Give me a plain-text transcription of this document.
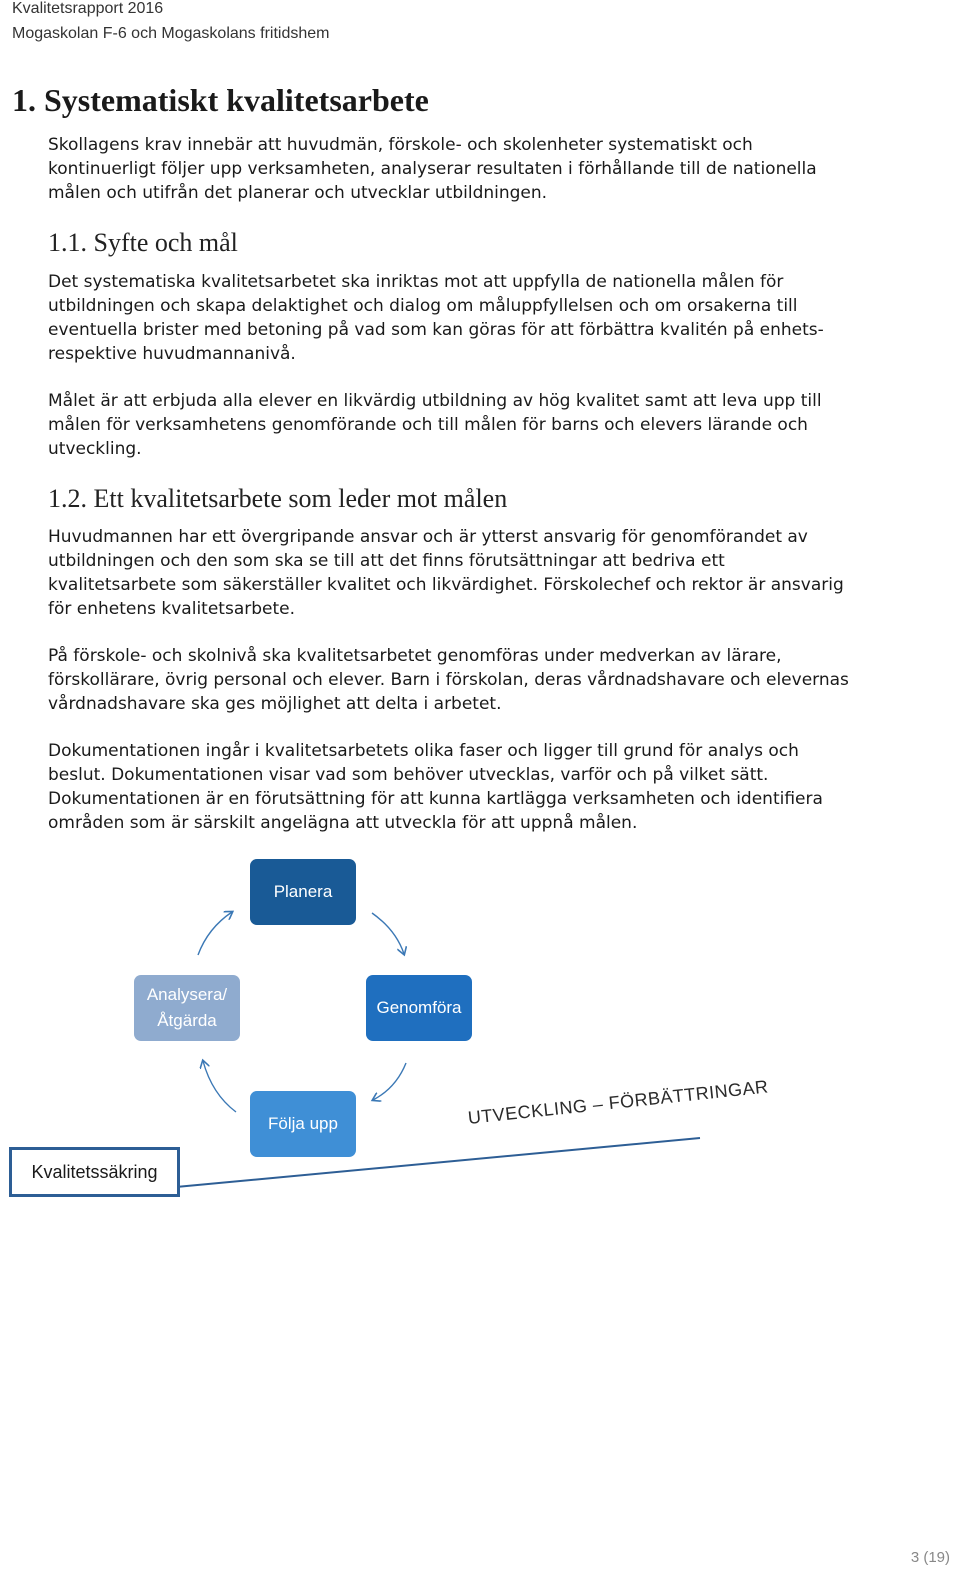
Kvalitetsrapport 2016
Mogaskolan F-6 och Mogaskolans fritidshem
1. Systematiskt kvalitetsarbete
Skollagens krav innebär att huvudmän, förskole- och skolenheter systematiskt och
kontinuerligt följer upp verksamheten, analyserar resultaten i förhållande till de nationella
målen och utifrån det planerar och utvecklar utbildningen.
1.1. Syfte och mål
Det systematiska kvalitetsarbetet ska inriktas mot att uppfylla de nationella målen för
utbildningen och skapa delaktighet och dialog om måluppfyllelsen och om orsakerna till
eventuella brister med betoning på vad som kan göras för att förbättra kvalitén på enhets-
respektive huvudmannanivå.
Målet är att erbjuda alla elever en likvärdig utbildning av hög kvalitet samt att leva upp till
målen för verksamhetens genomförande och till målen för barns och elevers lärande och
utveckling.
1.2. Ett kvalitetsarbete som leder mot målen
Huvudmannen har ett övergripande ansvar och är ytterst ansvarig för genomförandet av
utbildningen och den som ska se till att det finns förutsättningar att bedriva ett
kvalitetsarbete som säkerställer kvalitet och likvärdighet. Förskolechef och rektor är ansvarig
för enhetens kvalitetsarbete.
På förskole- och skolnivå ska kvalitetsarbetet genomföras under medverkan av lärare,
förskollärare, övrig personal och elever. Barn i förskolan, deras vårdnadshavare och elevernas
vårdnadshavare ska ges möjlighet att delta i arbetet.
Dokumentationen ingår i kvalitetsarbetets olika faser och ligger till grund för analys och
beslut. Dokumentationen visar vad som behöver utvecklas, varför och på vilket sätt.
Dokumentationen är en förutsättning för att kunna kartlägga verksamheten och identifiera
områden som är särskilt angelägna att utveckla för att uppnå målen.
Planera
Genomföra
Följa upp
Analysera/
Åtgärda
Kvalitetssäkring
UTVECKLING – FÖRBÄTTRINGAR
3 (19)
